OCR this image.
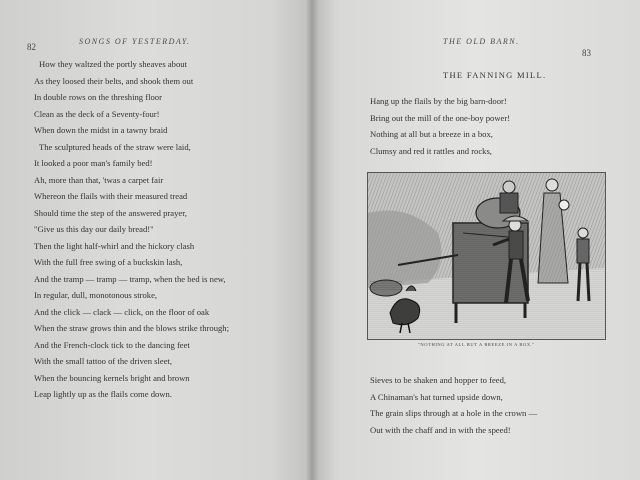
82
SONGS OF YESTERDAY.
How they waltzed the portly sheaves about
As they loosed their belts, and shook them out
In double rows on the threshing floor
Clean as the deck of a Seventy-four!
When down the midst in a tawny braid
The sculptured heads of the straw were laid,
It looked a poor man's family bed!
Ah, more than that, 'twas a carpet fair
Whereon the flails with their measured tread
Should time the step of the answered prayer,
"Give us this day our daily bread!"
Then the light half-whirl and the hickory clash
With the full free swing of a buckskin lash,
And the tramp — tramp — tramp, when the bed is new,
In regular, dull, monotonous stroke,
And the click — clack — click, on the floor of oak
When the straw grows thin and the blows strike through;
And the French-clock tick to the dancing feet
With the small tattoo of the driven sleet,
When the bouncing kernels bright and brown
Leap lightly up as the flails come down.
THE OLD BARN.
83
THE FANNING MILL.
Hang up the flails by the big barn-door!
Bring out the mill of the one-boy power!
Nothing at all but a breeze in a box,
Clumsy and red it rattles and rocks,
"NOTHING AT ALL BUT A BREEZE IN A BOX."
Sieves to be shaken and hopper to feed,
A Chinaman's hat turned upside down,
The grain slips through at a hole in the crown —
Out with the chaff and in with the speed!
